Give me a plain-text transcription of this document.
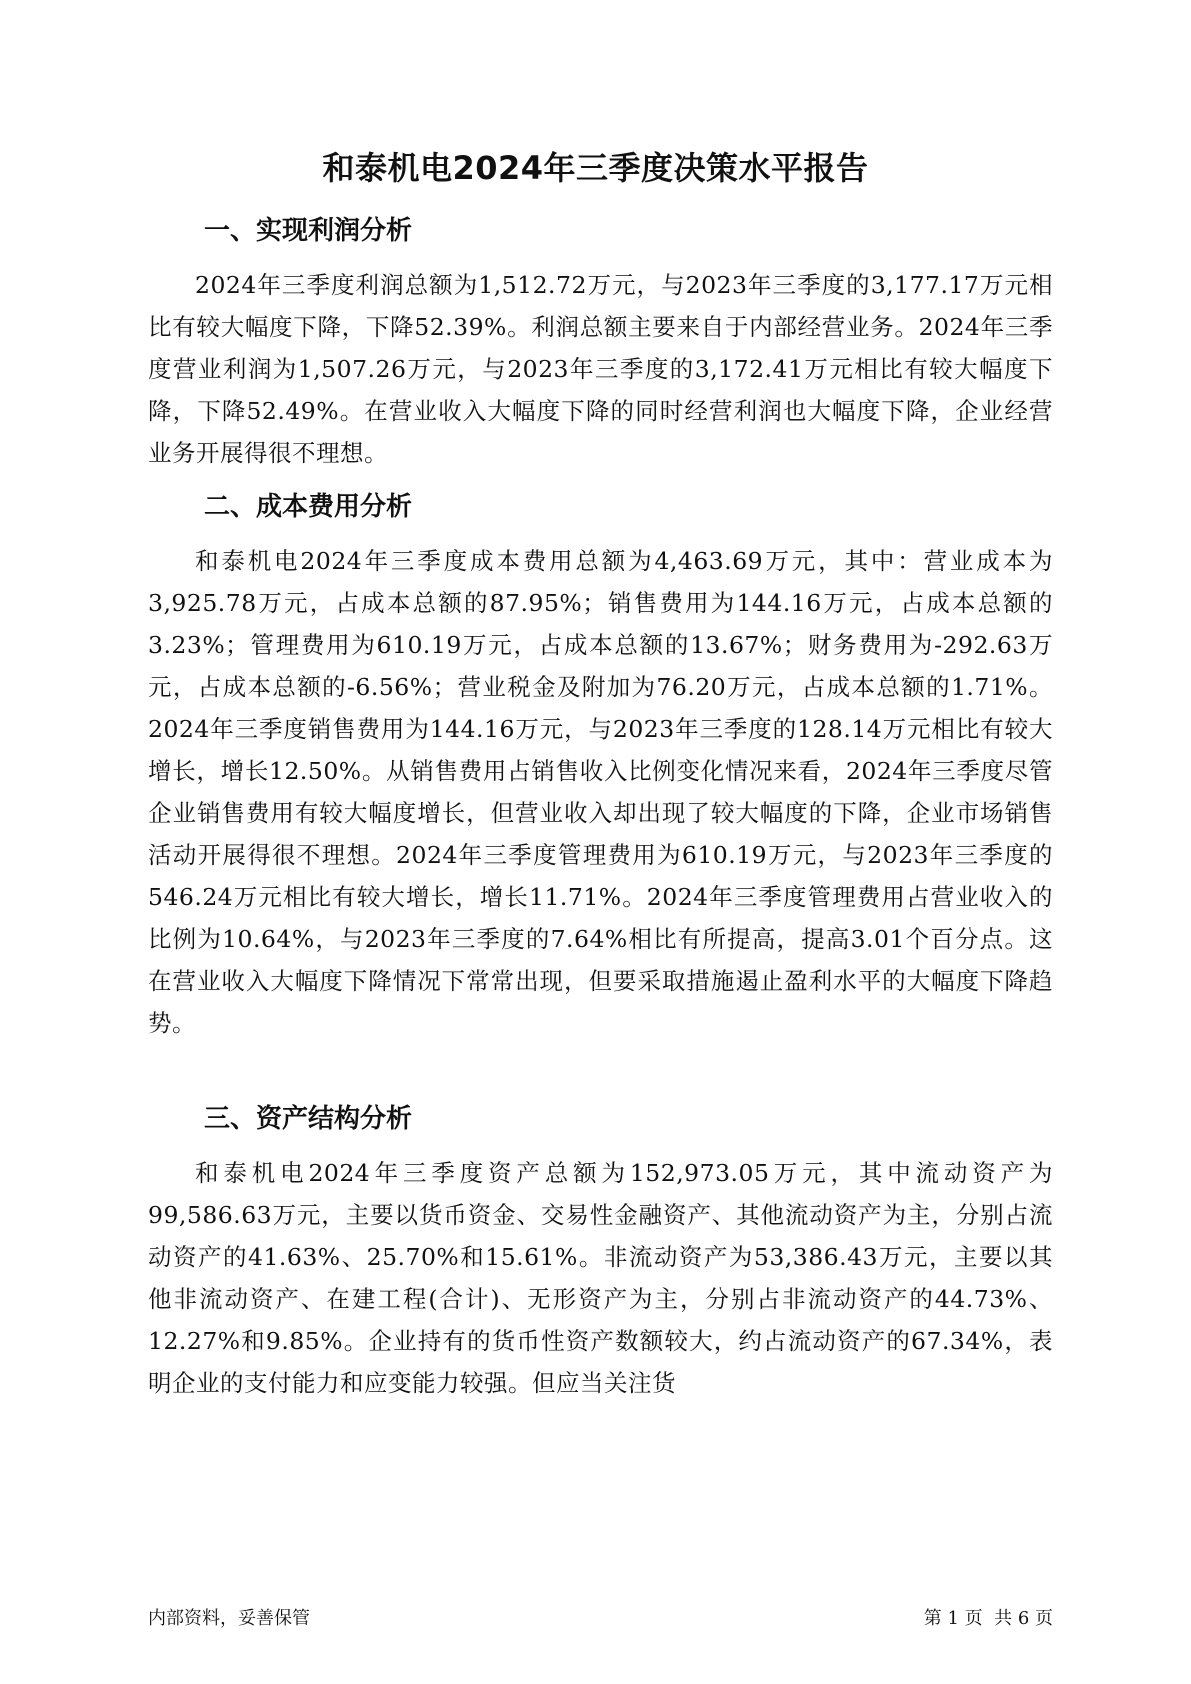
和泰机电2024年三季度决策水平报告
一、实现利润分析

2024年三季度利润总额为1,512.72万元，与2023年三季度的3,177.17万元相比有较大幅度下降，下降52.39%。利润总额主要来自于内部经营业务。2024年三季度营业利润为1,507.26万元，与2023年三季度的3,172.41万元相比有较大幅度下降，下降52.49%。在营业收入大幅度下降的同时经营利润也大幅度下降，企业经营业务开展得很不理想。

二、成本费用分析

和泰机电2024年三季度成本费用总额为4,463.69万元，其中：营业成本为3,925.78万元，占成本总额的87.95%；销售费用为144.16万元，占成本总额的3.23%；管理费用为610.19万元，占成本总额的13.67%；财务费用为-292.63万元，占成本总额的-6.56%；营业税金及附加为76.20万元，占成本总额的1.71%。2024年三季度销售费用为144.16万元，与2023年三季度的128.14万元相比有较大增长，增长12.50%。从销售费用占销售收入比例变化情况来看，2024年三季度尽管企业销售费用有较大幅度增长，但营业收入却出现了较大幅度的下降，企业市场销售活动开展得很不理想。2024年三季度管理费用为610.19万元，与2023年三季度的546.24万元相比有较大增长，增长11.71%。2024年三季度管理费用占营业收入的比例为10.64%，与2023年三季度的7.64%相比有所提高，提高3.01个百分点。这在营业收入大幅度下降情况下常常出现，但要采取措施遏止盈利水平的大幅度下降趋势。

三、资产结构分析

和泰机电2024年三季度资产总额为152,973.05万元，其中流动资产为99,586.63万元，主要以货币资金、交易性金融资产、其他流动资产为主，分别占流动资产的41.63%、25.70%和15.61%。非流动资产为53,386.43万元，主要以其他非流动资产、在建工程(合计)、无形资产为主，分别占非流动资产的44.73%、12.27%和9.85%。企业持有的货币性资产数额较大，约占流动资产的67.34%，表明企业的支付能力和应变能力较强。但应当关注货

内部资料，妥善保管	第 1 页  共 6 页
